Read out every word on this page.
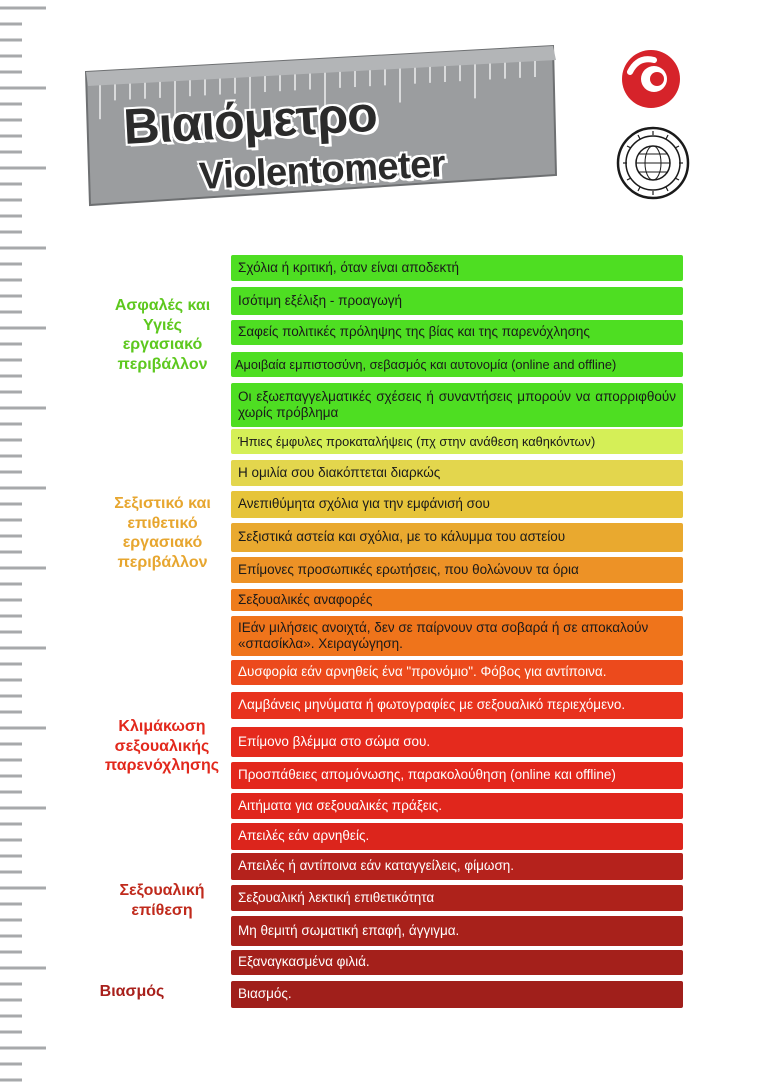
Βιαιόμετρο
Violentometer

Ασφαλές και
Υγιές
εργασιακό
περιβάλλον

Σεξιστικό και
επιθετικό
εργασιακό
περιβάλλον

Κλιμάκωση
σεξουαλικής
παρενόχλησης

Σεξουαλική
επίθεση

Βιασμός

Σχόλια ή κριτική, όταν είναι αποδεκτή
Ισότιμη εξέλιξη - προαγωγή
Σαφείς πολιτικές πρόληψης της βίας και της παρενόχλησης
Αμοιβαία εμπιστοσύνη, σεβασμός και αυτονομία (online and offline)
Οι εξωεπαγγελματικές σχέσεις ή συναντήσεις μπορούν να απορριφθούν χωρίς πρόβλημα
Ήπιες έμφυλες προκαταλήψεις (πχ στην ανάθεση καθηκόντων)
Η ομιλία σου διακόπτεται διαρκώς
Ανεπιθύμητα σχόλια για την εμφάνισή σου
Σεξιστικά αστεία και σχόλια, με το κάλυμμα του αστείου
Επίμονες προσωπικές ερωτήσεις, που θολώνουν τα όρια
Σεξουαλικές αναφορές
ΙΕάν μιλήσεις ανοιχτά, δεν σε παίρνουν στα σοβαρά ή σε αποκαλούν «σπασίκλα». Χειραγώγηση.
Δυσφορία εάν αρνηθείς ένα "προνόμιο". Φόβος για αντίποινα.
Λαμβάνεις μηνύματα ή φωτογραφίες με σεξουαλικό περιεχόμενο.
Επίμονο βλέμμα στο σώμα σου.
Προσπάθειες απομόνωσης, παρακολούθηση (online και offline)
Αιτήματα για σεξουαλικές πράξεις.
Απειλές εάν αρνηθείς.
Απειλές ή αντίποινα εάν καταγγείλεις, φίμωση.
Σεξουαλική λεκτική επιθετικότητα
Μη θεμιτή σωματική επαφή, άγγιγμα.
Εξαναγκασμένα φιλιά.
Βιασμός.
